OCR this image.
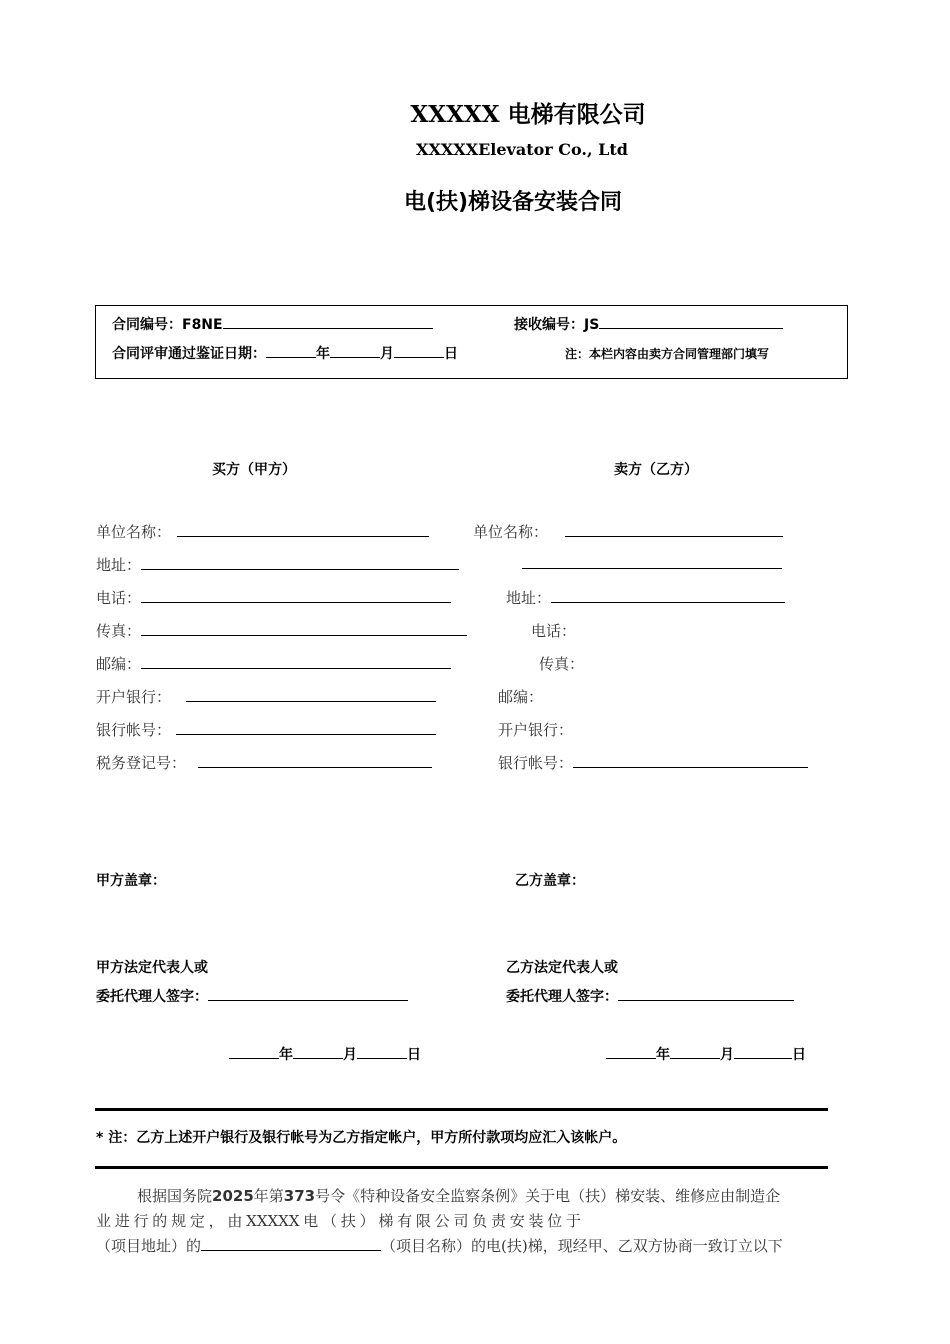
XXXXX 电梯有限公司
XXXXXElevator Co., Ltd
电(扶)梯设备安装合同
合同编号：F8NE	接收编号：JS
合同评审通过鉴证日期：	年	月	日	注：本栏内容由卖方合同管理部门填写
买方（甲方）	卖方（乙方）
单位名称：
地址：
电话：
传真：
邮编：
开户银行：
银行帐号：
税务登记号：
单位名称：
地址：
电话：
传真：
邮编：
开户银行：
银行帐号：
甲方盖章：	乙方盖章：
甲方法定代表人或
委托代理人签字：
乙方法定代表人或
委托代理人签字：
年	月	日	年	月	日
* 注：乙方上述开户银行及银行帐号为乙方指定帐户，甲方所付款项均应汇入该帐户。
根据国务院2025年第373号令《特种设备安全监察条例》关于电（扶）梯安装、维修应由制造企
业 进 行 的 规 定 ， 由 XXXXX 电 （ 扶 ） 梯 有 限 公 司 负 责 安 装 位 于
（项目地址）的	（项目名称）的电(扶)梯，现经甲、乙双方协商一致订立以下
